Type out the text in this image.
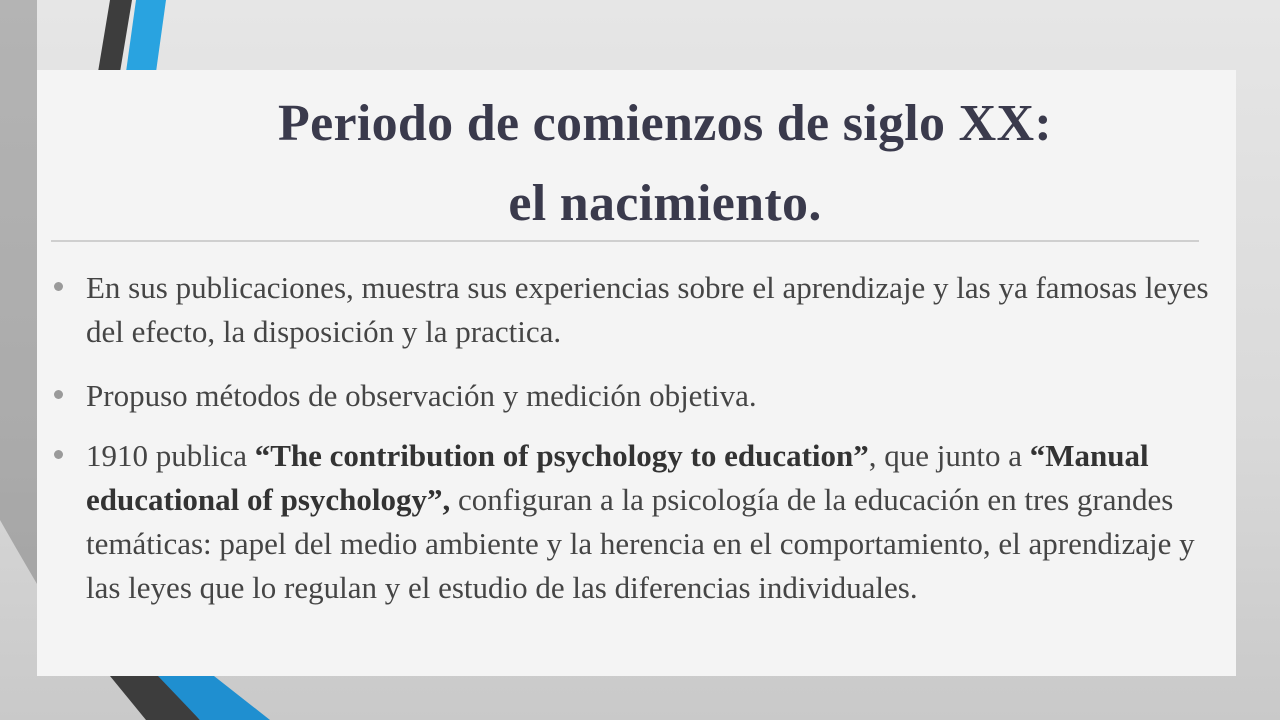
Periodo de comienzos de siglo XX:
el nacimiento.
En sus publicaciones, muestra sus experiencias sobre el aprendizaje y las ya famosas leyes del efecto, la disposición y la practica.
Propuso métodos de observación y medición objetiva.
1910 publica “The contribution of psychology to education”, que junto a “Manual educational of psychology”, configuran a la psicología de la educación en tres grandes temáticas: papel del medio ambiente y la herencia en el comportamiento, el aprendizaje y las leyes que lo regulan y el estudio de las diferencias individuales.
